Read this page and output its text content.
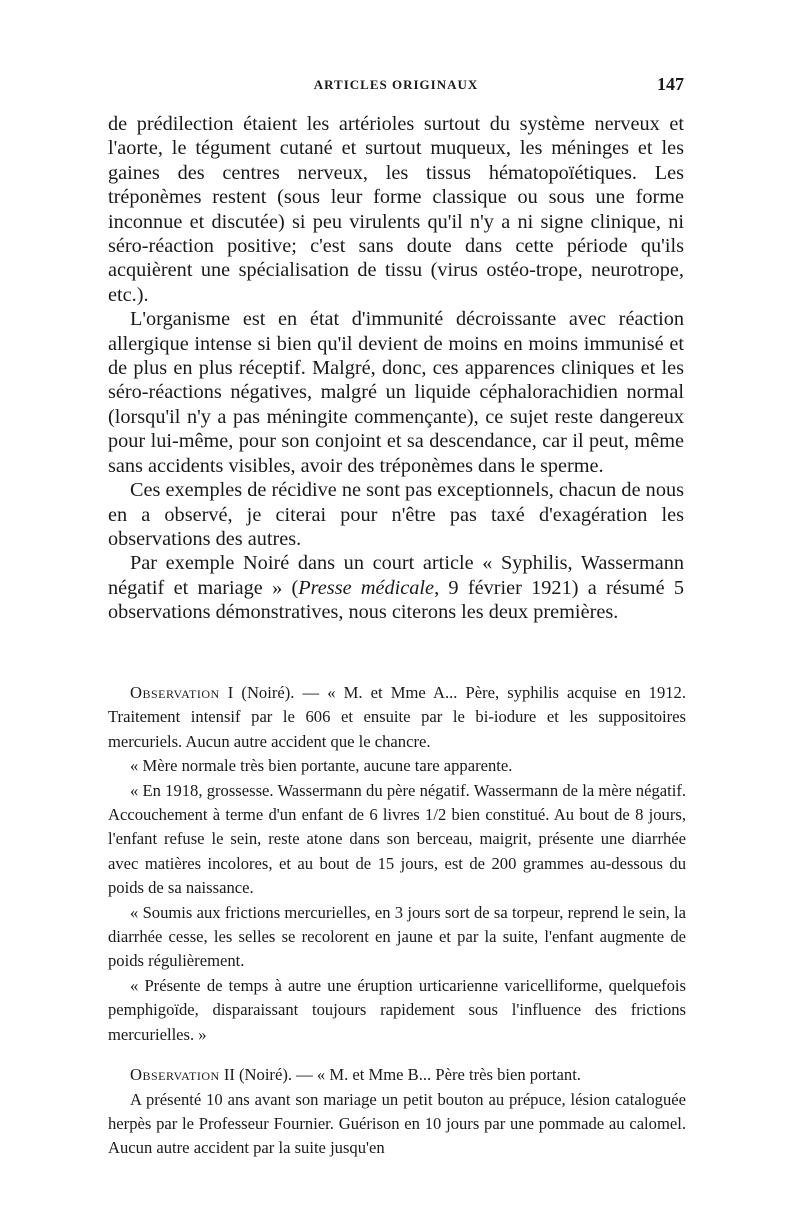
ARTICLES ORIGINAUX	147

de prédilection étaient les artérioles surtout du système nerveux et l'aorte, le tégument cutané et surtout muqueux, les méninges et les gaines des centres nerveux, les tissus hématopoïétiques. Les tréponèmes restent (sous leur forme classique ou sous une forme inconnue et discutée) si peu virulents qu'il n'y a ni signe clinique, ni séro-réaction positive; c'est sans doute dans cette période qu'ils acquièrent une spécialisation de tissu (virus ostéo-trope, neurotrope, etc.).

L'organisme est en état d'immunité décroissante avec réaction allergique intense si bien qu'il devient de moins en moins immunisé et de plus en plus réceptif. Malgré, donc, ces apparences cliniques et les séro-réactions négatives, malgré un liquide céphalorachidien normal (lorsqu'il n'y a pas méningite commençante), ce sujet reste dangereux pour lui-même, pour son conjoint et sa descendance, car il peut, même sans accidents visibles, avoir des tréponèmes dans le sperme.

Ces exemples de récidive ne sont pas exceptionnels, chacun de nous en a observé, je citerai pour n'être pas taxé d'exagération les observations des autres.

Par exemple Noiré dans un court article « Syphilis, Wassermann négatif et mariage » (Presse médicale, 9 février 1921) a résumé 5 observations démonstratives, nous citerons les deux premières.

Observation I (Noiré). — « M. et Mme A... Père, syphilis acquise en 1912. Traitement intensif par le 606 et ensuite par le bi-iodure et les suppositoires mercuriels. Aucun autre accident que le chancre.

« Mère normale très bien portante, aucune tare apparente.

« En 1918, grossesse. Wassermann du père négatif. Wassermann de la mère négatif. Accouchement à terme d'un enfant de 6 livres 1/2 bien constitué. Au bout de 8 jours, l'enfant refuse le sein, reste atone dans son berceau, maigrit, présente une diarrhée avec matières incolores, et au bout de 15 jours, est de 200 grammes au-dessous du poids de sa naissance.

« Soumis aux frictions mercurielles, en 3 jours sort de sa torpeur, reprend le sein, la diarrhée cesse, les selles se recolorent en jaune et par la suite, l'enfant augmente de poids régulièrement.

« Présente de temps à autre une éruption urticarienne varicelliforme, quelquefois pemphigoïde, disparaissant toujours rapidement sous l'influence des frictions mercurielles. »

Observation II (Noiré). — « M. et Mme B... Père très bien portant.

A présenté 10 ans avant son mariage un petit bouton au prépuce, lésion cataloguée herpès par le Professeur Fournier. Guérison en 10 jours par une pommade au calomel. Aucun autre accident par la suite jusqu'en
